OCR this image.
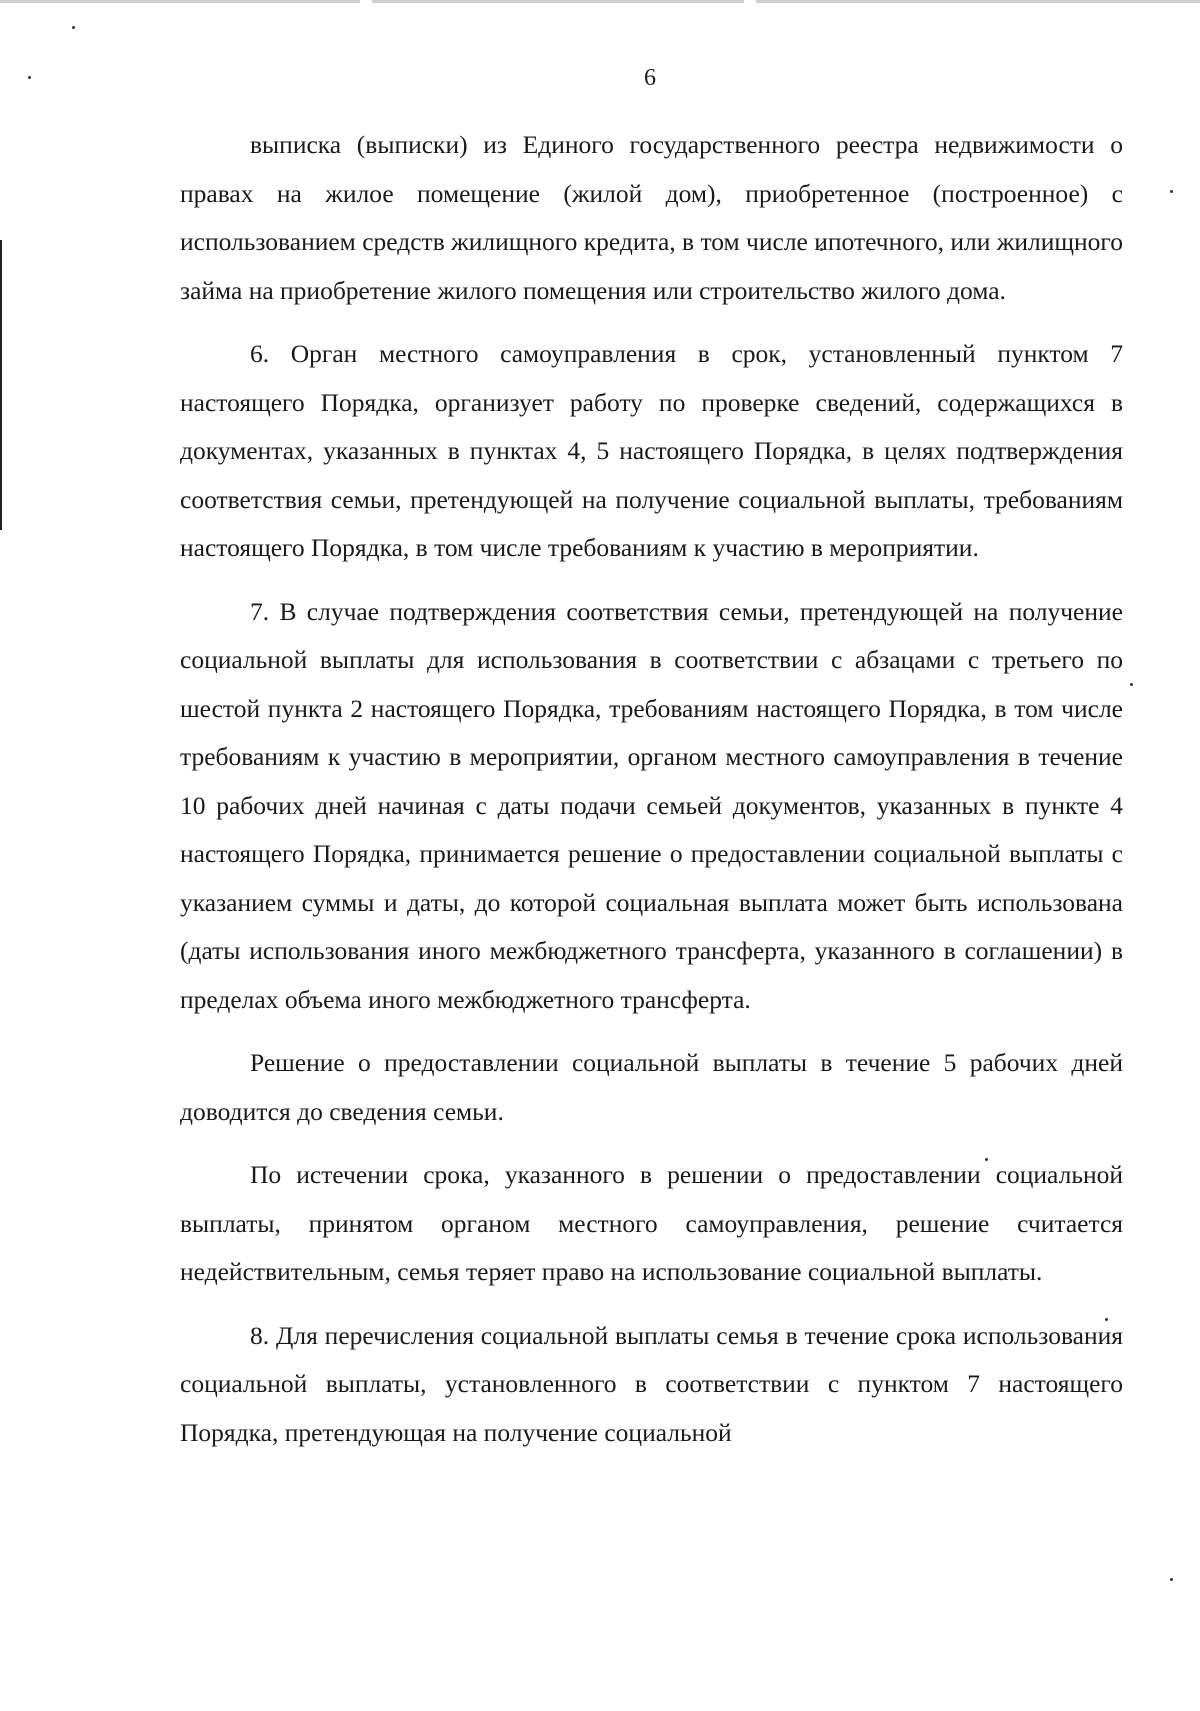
6

выписка (выписки) из Единого государственного реестра недвижимости о правах на жилое помещение (жилой дом), приобретенное (построенное) с использованием средств жилищного кредита, в том числе ипотечного, или жилищного займа на приобретение жилого помещения или строительство жилого дома.

6. Орган местного самоуправления в срок, установленный пунктом 7 настоящего Порядка, организует работу по проверке сведений, содержащихся в документах, указанных в пунктах 4, 5 настоящего Порядка, в целях подтверждения соответствия семьи, претендующей на получение социальной выплаты, требованиям настоящего Порядка, в том числе требованиям к участию в мероприятии.

7. В случае подтверждения соответствия семьи, претендующей на получение социальной выплаты для использования в соответствии с абзацами с третьего по шестой пункта 2 настоящего Порядка, требованиям настоящего Порядка, в том числе требованиям к участию в мероприятии, органом местного самоуправления в течение 10 рабочих дней начиная с даты подачи семьей документов, указанных в пункте 4 настоящего Порядка, принимается решение о предоставлении социальной выплаты с указанием суммы и даты, до которой социальная выплата может быть использована (даты использования иного межбюджетного трансферта, указанного в соглашении) в пределах объема иного межбюджетного трансферта.

Решение о предоставлении социальной выплаты в течение 5 рабочих дней доводится до сведения семьи.

По истечении срока, указанного в решении о предоставлении социальной выплаты, принятом органом местного самоуправления, решение считается недействительным, семья теряет право на использование социальной выплаты.

8. Для перечисления социальной выплаты семья в течение срока использования социальной выплаты, установленного в соответствии с пунктом 7 настоящего Порядка, претендующая на получение социальной
